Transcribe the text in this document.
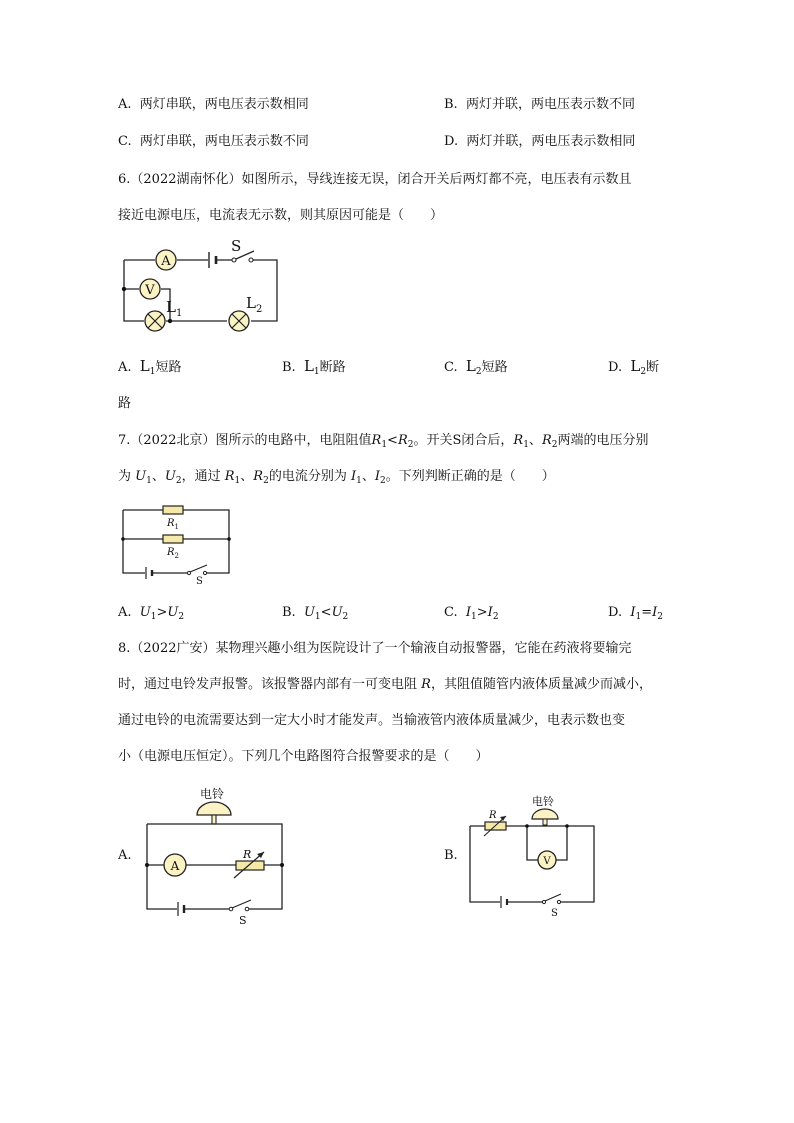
A. 两灯串联，两电压表示数相同	B. 两灯并联，两电压表示数不同
C. 两灯串联，两电压表示数不同	D. 两灯并联，两电压表示数相同
6.（2022湖南怀化）如图所示，导线连接无误，闭合开关后两灯都不亮，电压表有示数且
接近电源电压，电流表无示数，则其原因可能是（　　）
S
A
V
$L_1$
$L_2$
A. $L_1$短路	B. $L_1$断路	C. $L_2$短路	D. $L_2$断
路
7.（2022北京）图所示的电路中，电阻阻值$R_1<R_2$。开关S闭合后，$R_1$、$R_2$两端的电压分别
为 $U_1$、$U_2$，通过 $R_1$、$R_2$的电流分别为 $I_1$、$I_2$。下列判断正确的是（　　）
$R_1$
$R_2$
S
A. $U_1>U_2$	B. $U_1<U_2$	C. $I_1>I_2$	D. $I_1=I_2$
8.（2022广安）某物理兴趣小组为医院设计了一个输液自动报警器，它能在药液将要输完
时，通过电铃发声报警。该报警器内部有一可变电阻 R，其阻值随管内液体质量减少而减小，
通过电铃的电流需要达到一定大小时才能发声。当输液管内液体质量减少，电表示数也变
小（电源电压恒定）。下列几个电路图符合报警要求的是（　　）
A.
电铃
A
R
S
B.
电铃
R
V
S
